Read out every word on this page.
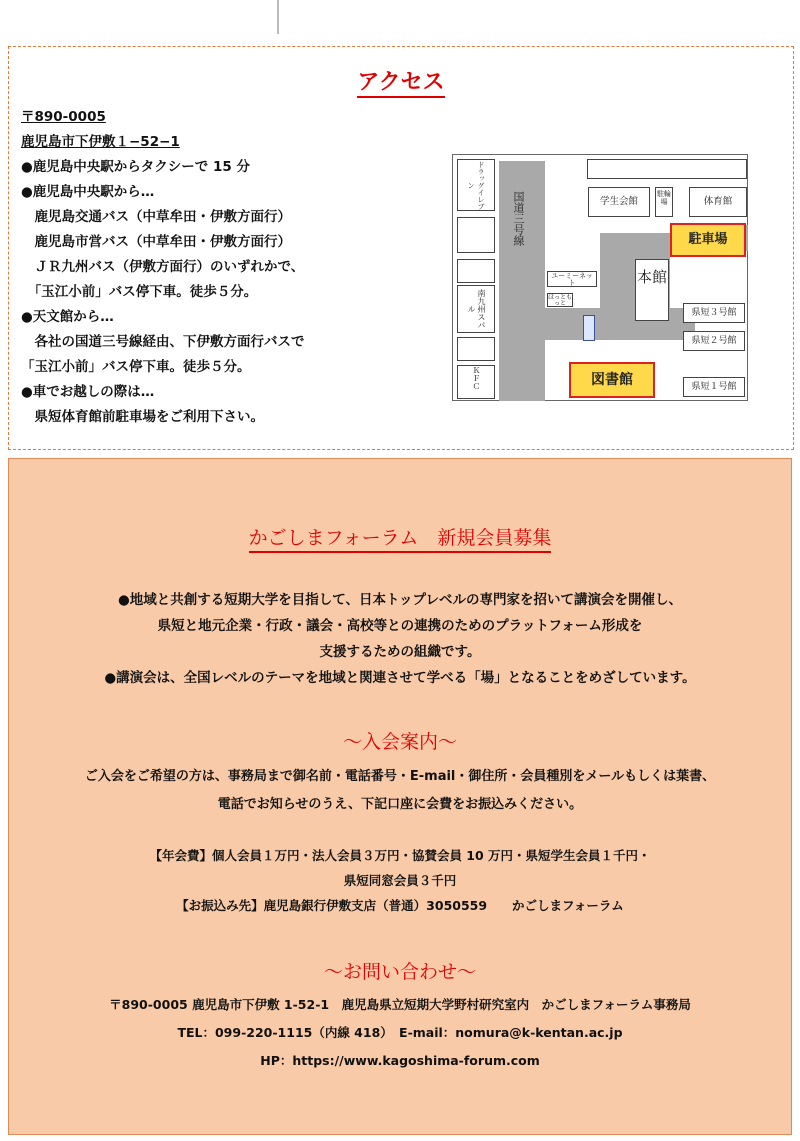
アクセス
〒890-0005
鹿児島市下伊敷１−52−1
●鹿児島中央駅からタクシーで 15 分
●鹿児島中央駅から…
　鹿児島交通バス（中草牟田・伊敷方面行）
　鹿児島市営バス（中草牟田・伊敷方面行）
　ＪＲ九州バス（伊敷方面行）のいずれかで、
　「玉江小前」バス停下車。徒歩５分。
●天文館から…
　各社の国道三号線経由、下伊敷方面行バスで
「玉江小前」バス停下車。徒歩５分。
●車でお越しの際は…
　県短体育館前駐車場をご利用下さい。
国道三号線
ドラッグイレブン
南九州スパル
ＫＦＣ
学生会館
駐輪場	体育館
駐車場
本館
ユーミーネット
ほっともっと
図書館
県短３号館
県短２号館
県短１号館
かごしまフォーラム　新規会員募集
●地域と共創する短期大学を目指して、日本トップレベルの専門家を招いて講演会を開催し、
県短と地元企業・行政・議会・高校等との連携のためのプラットフォーム形成を
支援するための組織です。
●講演会は、全国レベルのテーマを地域と関連させて学べる「場」となることをめざしています。
〜入会案内〜
ご入会をご希望の方は、事務局まで御名前・電話番号・E-mail・御住所・会員種別をメールもしくは葉書、
電話でお知らせのうえ、下記口座に会費をお振込みください。
【年会費】個人会員１万円・法人会員３万円・協賛会員 10 万円・県短学生会員１千円・
県短同窓会員３千円
【お振込み先】鹿児島銀行伊敷支店（普通）3050559　　かごしまフォーラム
〜お問い合わせ〜
〒890-0005 鹿児島市下伊敷 1-52-1　鹿児島県立短期大学野村研究室内　かごしまフォーラム事務局
TEL：099-220-1115（内線 418）　E-mail：nomura@k-kentan.ac.jp
HP：https://www.kagoshima-forum.com
